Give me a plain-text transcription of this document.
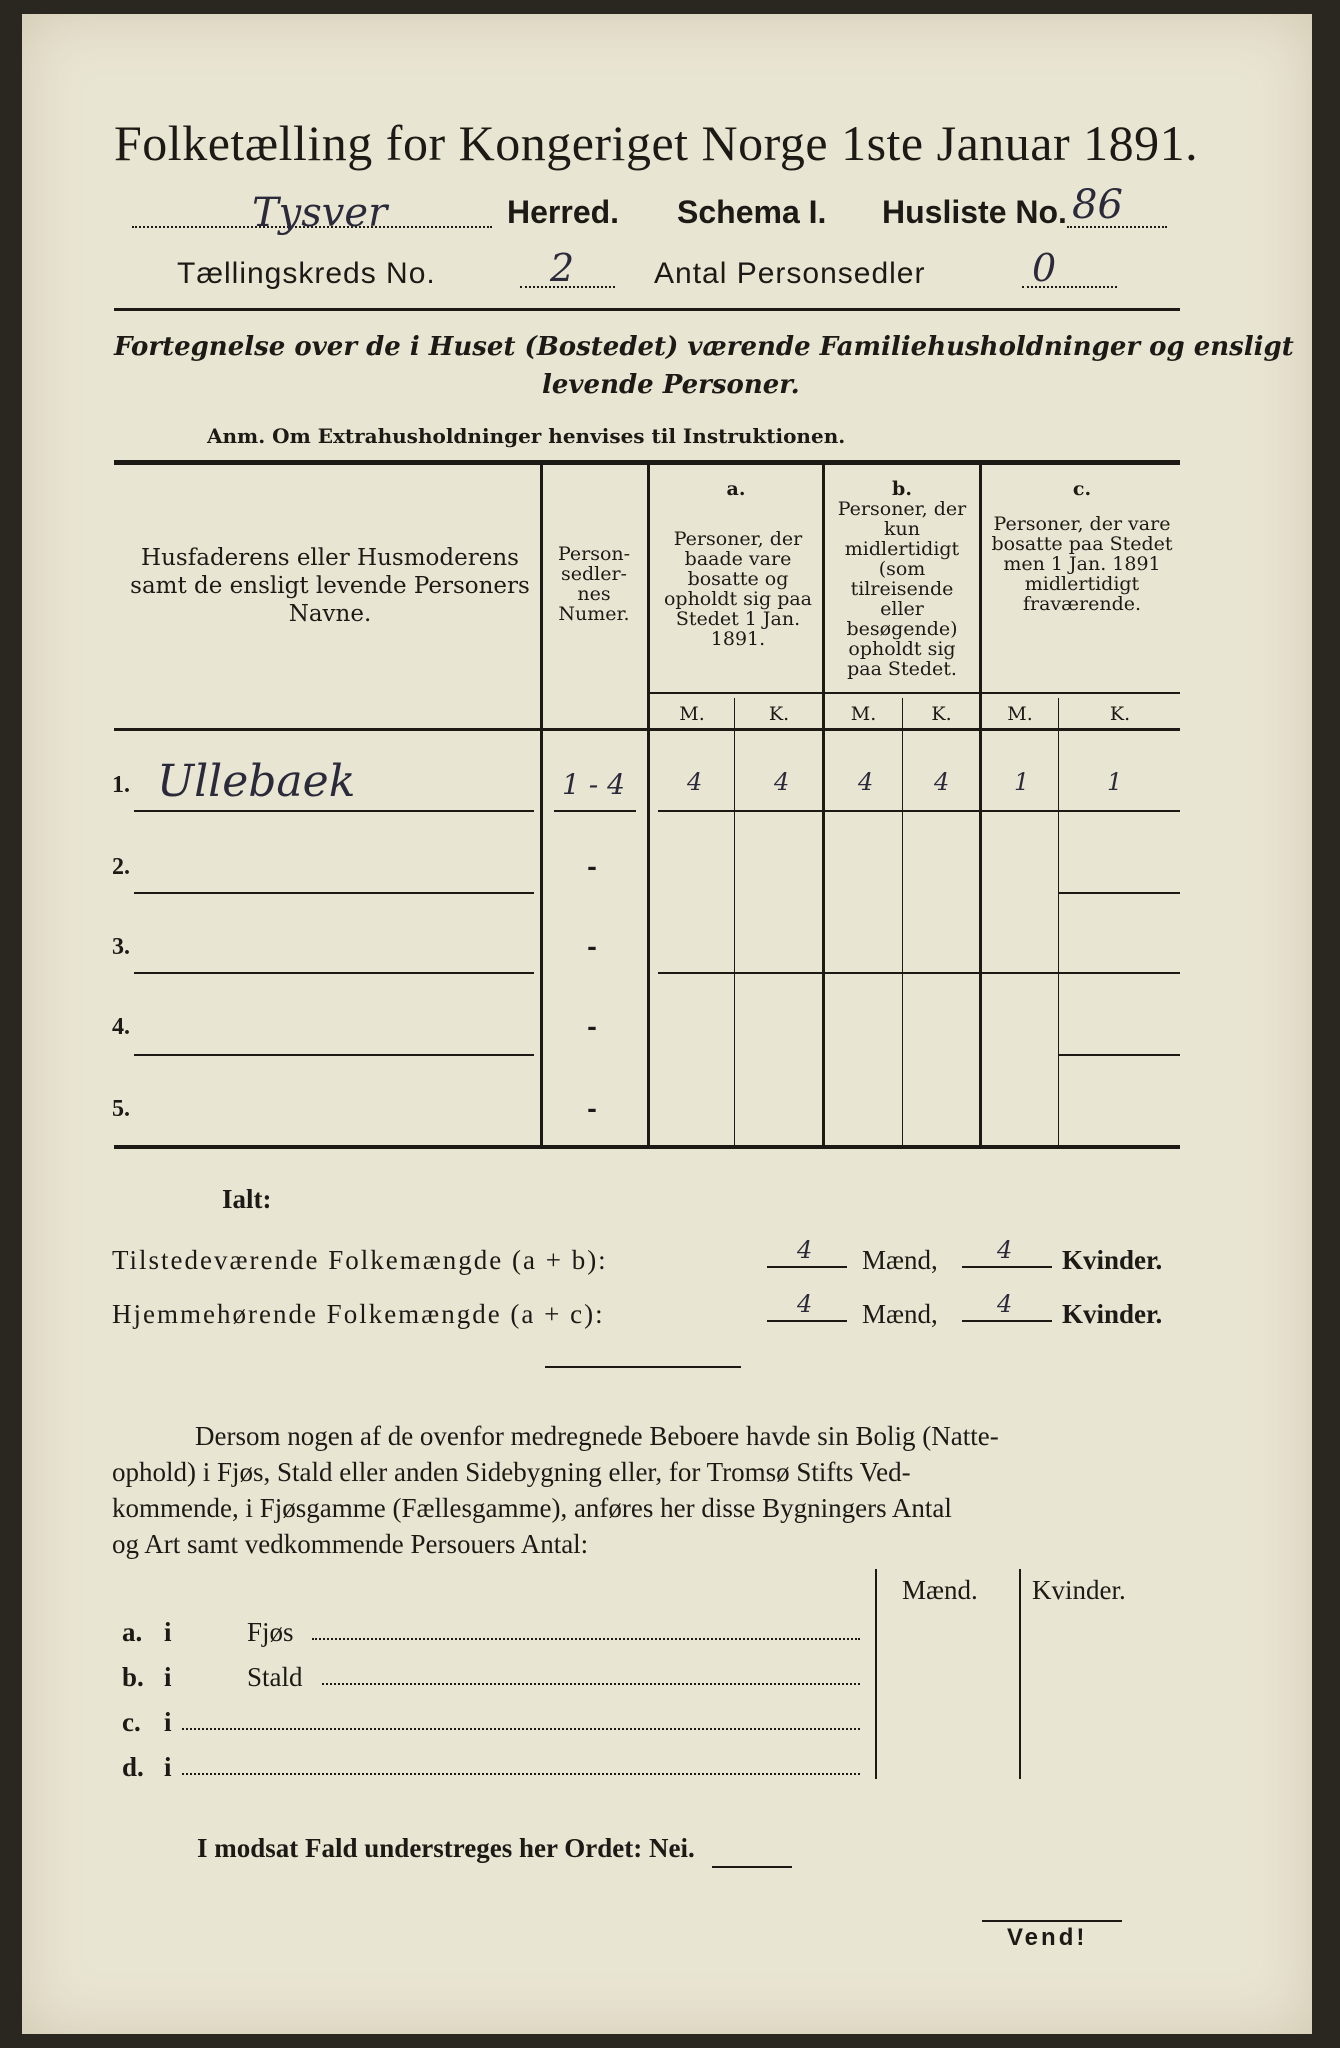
Folketælling for Kongeriget Norge 1ste Januar 1891.
Tysver	Herred. Schema I. Husliste No. 86
Tællingskreds No.	2	Antal Personsedler	0
Fortegnelse over de i Huset (Bostedet) værende Familiehusholdninger og ensligt
levende Personer.
Anm. Om Extrahusholdninger henvises til Instruktionen.
Husfaderens eller Husmoderens samt de ensligt levende Personers Navne.
Person-sedler-nes Numer.
a.
Personer, der baade vare bosatte og opholdt sig paa Stedet 1 Jan. 1891.
b.
Personer, der kun midlertidigt (som tilreisende eller besøgende) opholdt sig paa Stedet.
c.
Personer, der vare bosatte paa Stedet men 1 Jan. 1891 midlertidigt fraværende.
M.	K.	M.	K.	M.	K.
1. Ullebaek	1 - 4	4	4	4	4	1	1
2.	-
3.	-
4.	-
5.	-
Ialt:
Tilstedeværende Folkemængde (a + b):	4 Mænd, 4 Kvinder.
Hjemmehørende Folkemængde (a + c):	4 Mænd, 4 Kvinder.
Dersom nogen af de ovenfor medregnede Beboere havde sin Bolig (Natte-
ophold) i Fjøs, Stald eller anden Sidebygning eller, for Tromsø Stifts Ved-
kommende, i Fjøsgamme (Fællesgamme), anføres her disse Bygningers Antal
og Art samt vedkommende Persouers Antal:
Mænd. Kvinder.
a. i	Fjøs
b. i	Stald
c. i
d. i
I modsat Fald understreges her Ordet: Nei.
Vend!
